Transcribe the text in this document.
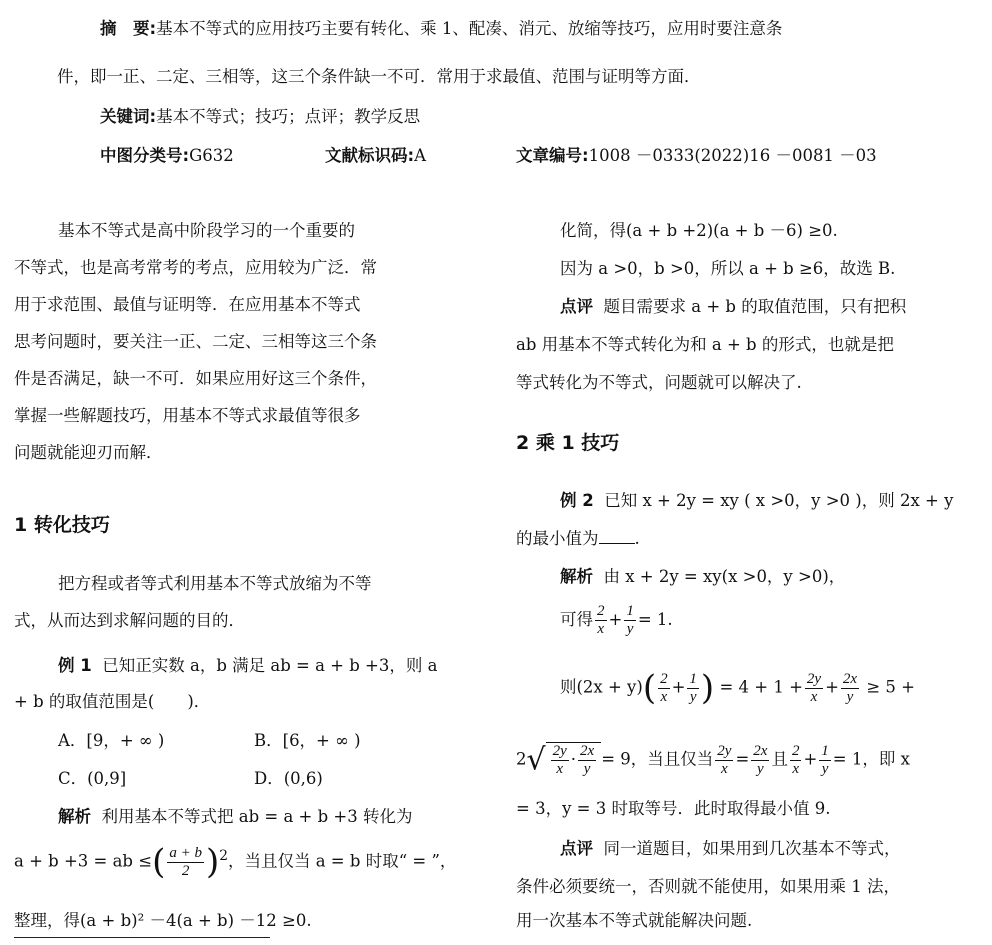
摘　要:基本不等式的应用技巧主要有转化、乘 1、配凑、消元、放缩等技巧，应用时要注意条
件，即一正、二定、三相等，这三个条件缺一不可．常用于求最值、范围与证明等方面．
关键词:基本不等式；技巧；点评；教学反思
中图分类号:G632	文献标识码:A	文章编号:1008 －0333(2022)16 －0081 －03
基本不等式是高中阶段学习的一个重要的
不等式，也是高考常考的考点，应用较为广泛．常
用于求范围、最值与证明等．在应用基本不等式
思考问题时，要关注一正、二定、三相等这三个条
件是否满足，缺一不可．如果应用好这三个条件，
掌握一些解题技巧，用基本不等式求最值等很多
问题就能迎刃而解．
1 转化技巧
把方程或者等式利用基本不等式放缩为不等
式，从而达到求解问题的目的．
例 1 已知正实数 a，b 满足 ab = a + b +3，则 a
+ b 的取值范围是(　　)．
A．[9，+ ∞ )	B．[6，+ ∞ )
C．(0,9]	D．(0,6)
解析 利用基本不等式把 ab = a + b +3 转化为
a + b +3 = ab ≤( $\frac{a + b}{2} )^2$，当且仅当 a = b 时取“ = ”，
整理，得(a + b)² －4(a + b) －12 ≥0.
化简，得(a + b +2)(a + b －6) ≥0.
因为 a >0，b >0，所以 a + b ≥6，故选 B.
点评 题目需要求 a + b 的取值范围，只有把积
ab 用基本不等式转化为和 a + b 的形式，也就是把
等式转化为不等式，问题就可以解决了.
2 乘 1 技巧
例 2 已知 x + 2y = xy ( x >0，y >0 )，则 2x + y
的最小值为 .
解析 由 x + 2y = xy(x >0，y >0)，
可得 $\frac{2}{x} + \frac{1}{y} = 1$.
则$(2x + y)( \frac{2}{x} + \frac{1}{y}$ ) = $4 + 1 + \frac{2y}{x} + \frac{2x}{y} \ge 5$ +
$2√ \frac{2y}{x} \cdot \frac{2x}{y} = 9$，当且仅当 $\frac{2y}{x} = \frac{2x}{y}$ 且 $\frac{2}{x} + \frac{1}{y} = 1$，即 x
= 3，y = 3 时取等号．此时取得最小值 9.
点评 同一道题目，如果用到几次基本不等式，
条件必须要统一，否则就不能使用，如果用乘 1 法，
用一次基本不等式就能解决问题.
